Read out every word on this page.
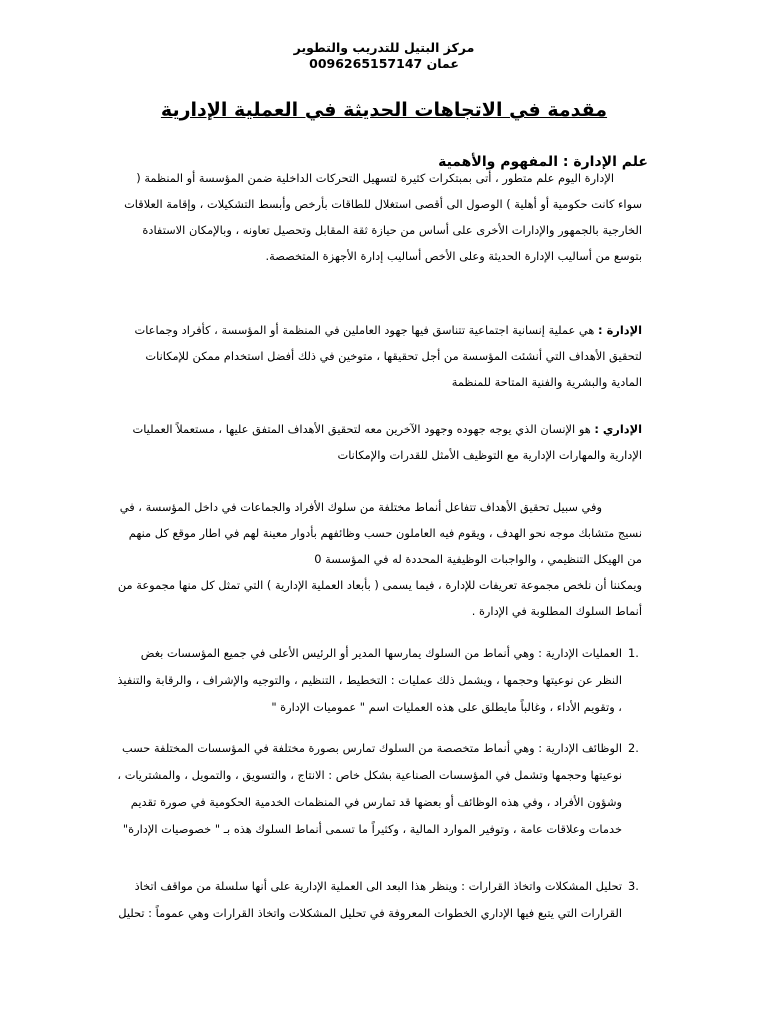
مركز البتيل للتدريب والتطوير
عمان 0096265157147
مقدمة في الاتجاهات الحديثة في العملية الإدارية
علم الإدارة : المفهوم والأهمية
الإدارة اليوم علم متطور ، أتى بمبتكرات كثيرة لتسهيل التحركات الداخلية ضمن المؤسسة أو المنظمة ( سواء كانت حكومية أو أهلية ) الوصول الى أقصى استغلال للطاقات بأرخص وأبسط التشكيلات ، وإقامة العلاقات الخارجية بالجمهور والإدارات الأخرى على أساس من حيازة ثقة المقابل وتحصيل تعاونه ، وبالإمكان الاستفادة بتوسع من أساليب الإدارة الحديثة وعلى الأخص أساليب إدارة الأجهزة المتخصصة.
الإدارة : هي عملية إنسانية اجتماعية تتناسق فيها جهود العاملين في المنظمة أو المؤسسة ، كأفراد وجماعات لتحقيق الأهداف التي أنشئت المؤسسة من أجل تحقيقها ، متوخين في ذلك أفضل استخدام ممكن للإمكانات المادية والبشرية والفنية المتاحة للمنظمة
الإداري : هو الإنسان الذي يوجه جهوده وجهود الآخرين معه لتحقيق الأهداف المتفق عليها ، مستعملاً العمليات الإدارية والمهارات الإدارية مع التوظيف الأمثل للقدرات والإمكانات
وفي سبيل تحقيق الأهداف تتفاعل أنماط مختلفة من سلوك الأفراد والجماعات في داخل المؤسسة ، في نسيج متشابك موجه نحو الهدف ، ويقوم فيه العاملون حسب وظائفهم بأدوار معينة لهم في اطار موقع كل منهم من الهيكل التنظيمي ، والواجبات الوظيفية المحددة له في المؤسسة 0
ويمكننا أن نلخص مجموعة تعريفات للإدارة ، فيما يسمى ( بأبعاد العملية الإدارية ) التي تمثل كل منها مجموعة من أنماط السلوك المطلوبة في الإدارة .
1.
العمليات الإدارية : وهي أنماط من السلوك يمارسها المدير أو الرئيس الأعلى في جميع المؤسسات بغض النظر عن نوعيتها وحجمها ، ويشمل ذلك عمليات : التخطيط ، التنظيم ، والتوجيه والإشراف ، والرقابة والتنفيذ ، وتقويم الأداء ، وغالباً مايطلق على هذه العمليات اسم " عموميات الإدارة "
2.
الوظائف الإدارية : وهي أنماط متخصصة من السلوك تمارس بصورة مختلفة في المؤسسات المختلفة حسب نوعيتها وحجمها وتشمل في المؤسسات الصناعية بشكل خاص : الانتاج ، والتسويق ، والتمويل ، والمشتريات ، وشؤون الأفراد ، وفي هذه الوظائف أو بعضها قد تمارس في المنظمات الخدمية الحكومية في صورة تقديم خدمات وعلاقات عامة ، وتوفير الموارد المالية ، وكثيراً ما تسمى أنماط السلوك هذه بـ " خصوصيات الإدارة"
3.
تحليل المشكلات واتخاذ القرارات : وينظر هذا البعد الى العملية الإدارية على أنها سلسلة من مواقف اتخاذ القرارات التي يتبع فيها الإداري الخطوات المعروفة في تحليل المشكلات واتخاذ القرارات وهي عموماً : تحليل
